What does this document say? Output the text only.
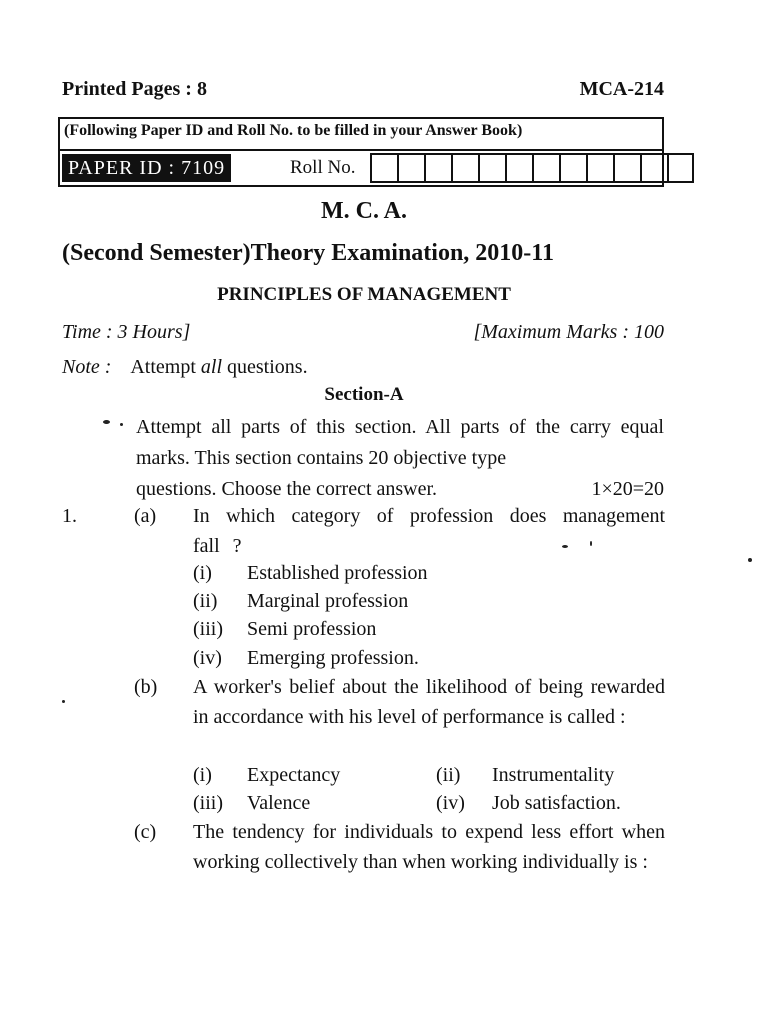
Printed Pages : 8	MCA-214
(Following Paper ID and Roll No. to be filled in your Answer Book)
PAPER ID : 7109	Roll No.
M. C. A.
(Second Semester)Theory Examination, 2010-11
PRINCIPLES OF MANAGEMENT
Time : 3 Hours]	[Maximum Marks : 100
Note : Attempt all questions.
Section-A
Attempt all parts of this section. All parts of the carry equal marks. This section contains 20 objective type
questions. Choose the correct answer.	1×20=20
1.	(a) In which category of profession does management fall ?
(i) Established profession
(ii) Marginal profession
(iii) Semi profession
(iv) Emerging profession.
(b) A worker's belief about the likelihood of being rewarded in accordance with his level of performance is called :
(i) Expectancy	(ii) Instrumentality
(iii) Valence	(iv) Job satisfaction.
(c) The tendency for individuals to expend less effort when working collectively than when working individually is :
